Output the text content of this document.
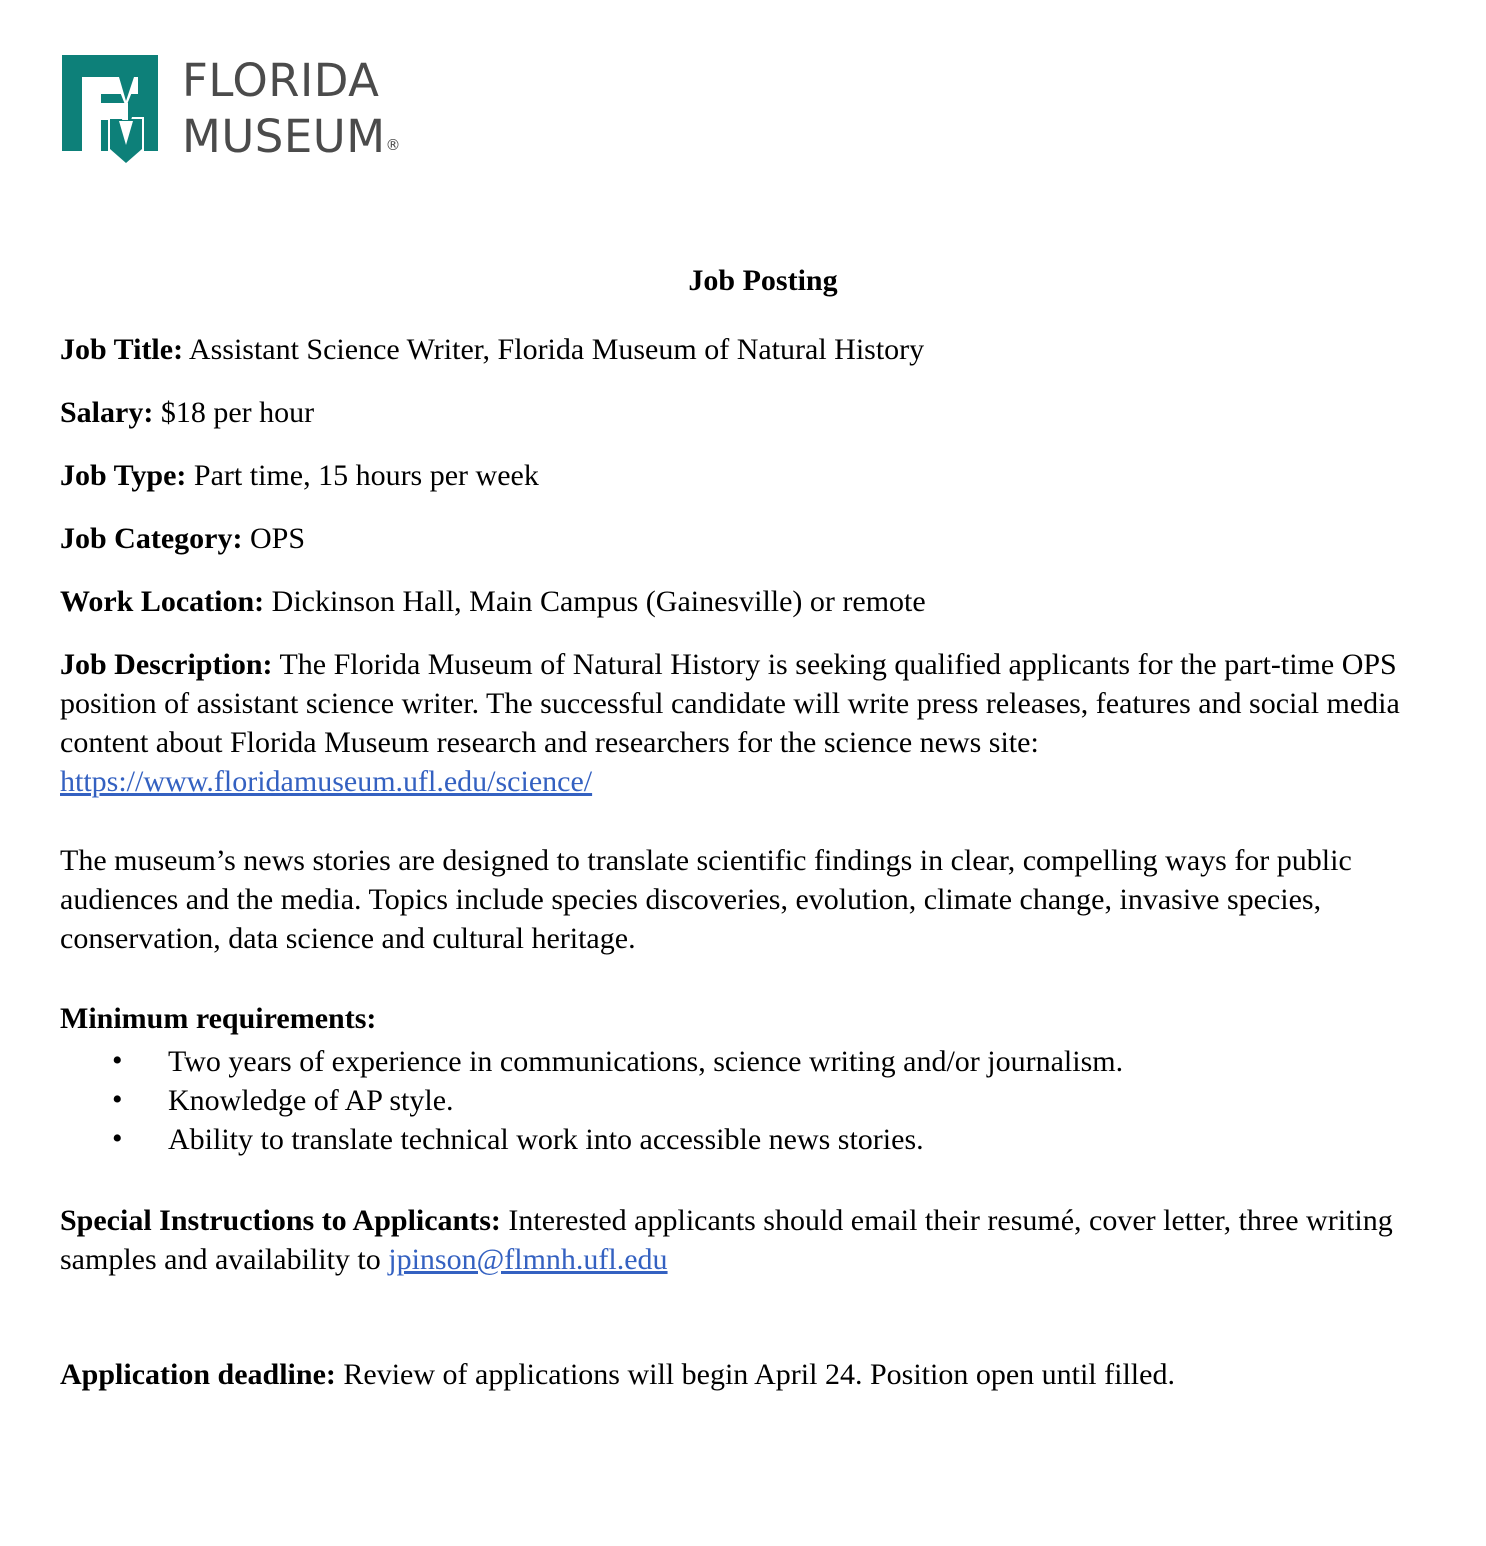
FLORIDA
MUSEUM®
Job Posting

Job Title: Assistant Science Writer, Florida Museum of Natural History

Salary: $18 per hour

Job Type: Part time, 15 hours per week

Job Category: OPS

Work Location: Dickinson Hall, Main Campus (Gainesville) or remote

Job Description: The Florida Museum of Natural History is seeking qualified applicants for the part-time OPS position of assistant science writer. The successful candidate will write press releases, features and social media content about Florida Museum research and researchers for the science news site: https://www.floridamuseum.ufl.edu/science/

The museum’s news stories are designed to translate scientific findings in clear, compelling ways for public audiences and the media. Topics include species discoveries, evolution, climate change, invasive species, conservation, data science and cultural heritage.

Minimum requirements:
• Two years of experience in communications, science writing and/or journalism.
• Knowledge of AP style.
• Ability to translate technical work into accessible news stories.

Special Instructions to Applicants: Interested applicants should email their resumé, cover letter, three writing samples and availability to jpinson@flmnh.ufl.edu

Application deadline: Review of applications will begin April 24. Position open until filled.
